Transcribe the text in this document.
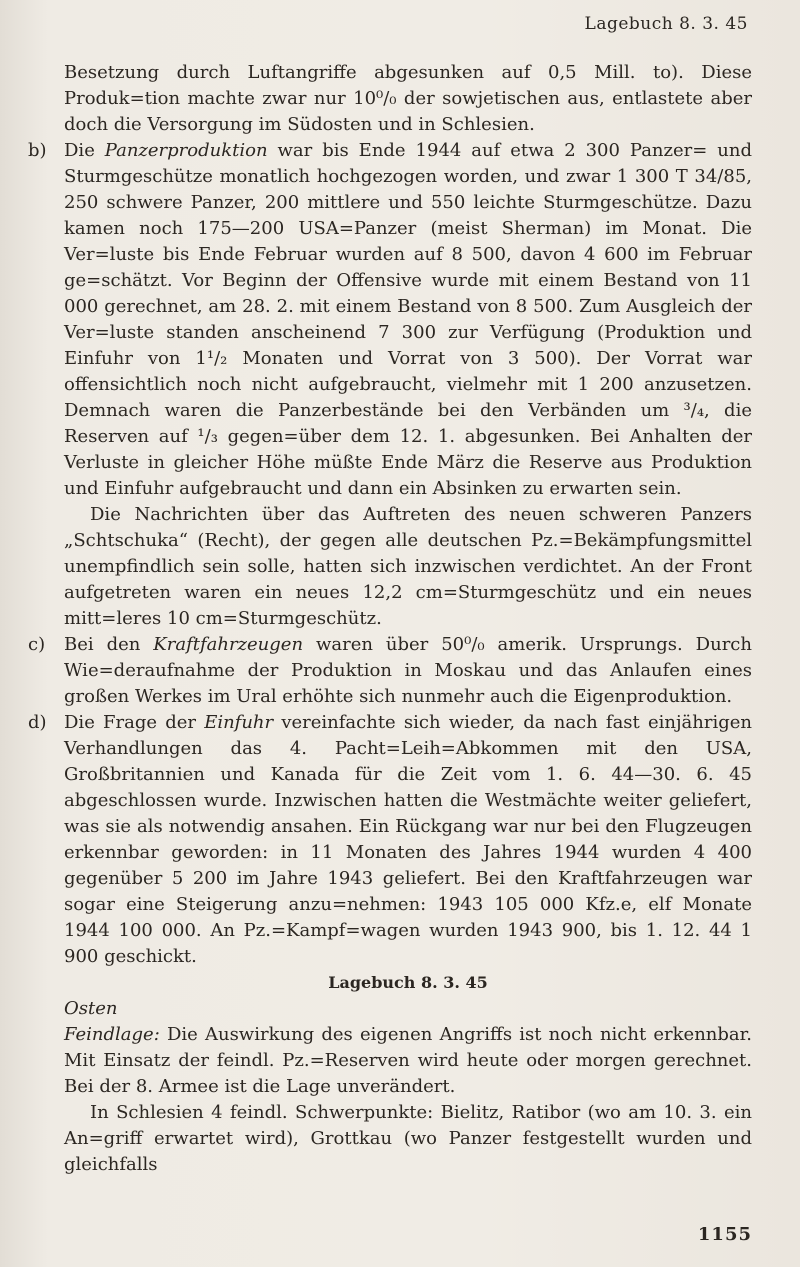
Lagebuch 8. 3. 45

Besetzung durch Luftangriffe abgesunken auf 0,5 Mill. to). Diese Produk=tion machte zwar nur 10⁰/₀ der sowjetischen aus, entlastete aber doch die Versorgung im Südosten und in Schlesien.

b) Die Panzerproduktion war bis Ende 1944 auf etwa 2 300 Panzer= und Sturmgeschütze monatlich hochgezogen worden, und zwar 1 300 T 34/85, 250 schwere Panzer, 200 mittlere und 550 leichte Sturmgeschütze. Dazu kamen noch 175—200 USA=Panzer (meist Sherman) im Monat. Die Ver=luste bis Ende Februar wurden auf 8 500, davon 4 600 im Februar ge=schätzt. Vor Beginn der Offensive wurde mit einem Bestand von 11 000 gerechnet, am 28. 2. mit einem Bestand von 8 500. Zum Ausgleich der Ver=luste standen anscheinend 7 300 zur Verfügung (Produktion und Einfuhr von 1¹/₂ Monaten und Vorrat von 3 500). Der Vorrat war offensichtlich noch nicht aufgebraucht, vielmehr mit 1 200 anzusetzen. Demnach waren die Panzerbestände bei den Verbänden um ³/₄, die Reserven auf ¹/₃ gegen=über dem 12. 1. abgesunken. Bei Anhalten der Verluste in gleicher Höhe müßte Ende März die Reserve aus Produktion und Einfuhr aufgebraucht und dann ein Absinken zu erwarten sein.

Die Nachrichten über das Auftreten des neuen schweren Panzers „Schtschuka“ (Recht), der gegen alle deutschen Pz.=Bekämpfungsmittel unempfindlich sein solle, hatten sich inzwischen verdichtet. An der Front aufgetreten waren ein neues 12,2 cm=Sturmgeschütz und ein neues mitt=leres 10 cm=Sturmgeschütz.

c) Bei den Kraftfahrzeugen waren über 50⁰/₀ amerik. Ursprungs. Durch Wie=deraufnahme der Produktion in Moskau und das Anlaufen eines großen Werkes im Ural erhöhte sich nunmehr auch die Eigenproduktion.

d) Die Frage der Einfuhr vereinfachte sich wieder, da nach fast einjährigen Verhandlungen das 4. Pacht=Leih=Abkommen mit den USA, Großbritannien und Kanada für die Zeit vom 1. 6. 44—30. 6. 45 abgeschlossen wurde. Inzwischen hatten die Westmächte weiter geliefert, was sie als notwendig ansahen. Ein Rückgang war nur bei den Flugzeugen erkennbar geworden: in 11 Monaten des Jahres 1944 wurden 4 400 gegenüber 5 200 im Jahre 1943 geliefert. Bei den Kraftfahrzeugen war sogar eine Steigerung anzu=nehmen: 1943 105 000 Kfz.e, elf Monate 1944 100 000. An Pz.=Kampf=wagen wurden 1943 900, bis 1. 12. 44 1 900 geschickt.

Lagebuch 8. 3. 45

Osten

Feindlage: Die Auswirkung des eigenen Angriffs ist noch nicht erkennbar. Mit Einsatz der feindl. Pz.=Reserven wird heute oder morgen gerechnet. Bei der 8. Armee ist die Lage unverändert.

In Schlesien 4 feindl. Schwerpunkte: Bielitz, Ratibor (wo am 10. 3. ein An=griff erwartet wird), Grottkau (wo Panzer festgestellt wurden und gleichfalls

1155
